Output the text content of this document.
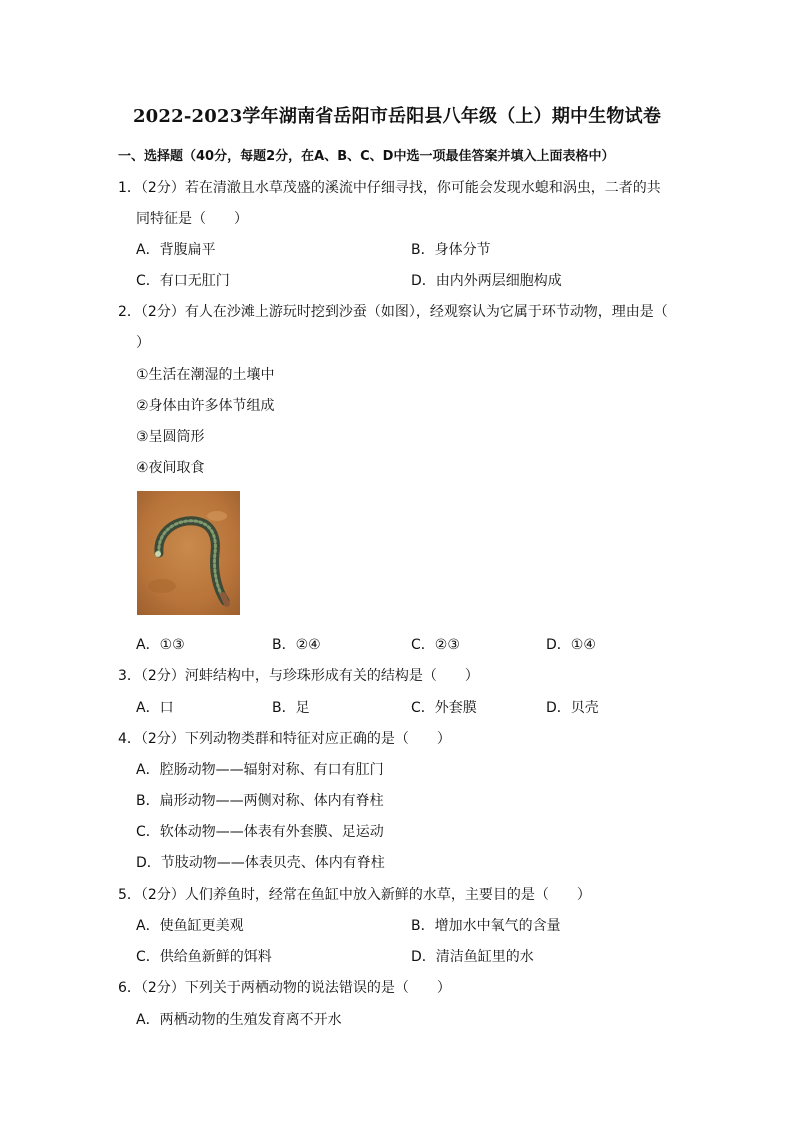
2022-2023学年湖南省岳阳市岳阳县八年级（上）期中生物试卷
一、选择题（40分，每题2分，在A、B、C、D中选一项最佳答案并填入上面表格中）
1．（2分）若在清澈且水草茂盛的溪流中仔细寻找，你可能会发现水螅和涡虫，二者的共
同特征是（　　）
A．背腹扁平	B．身体分节
C．有口无肛门	D．由内外两层细胞构成
2．（2分）有人在沙滩上游玩时挖到沙蚕（如图），经观察认为它属于环节动物，理由是（
）
①生活在潮湿的土壤中
②身体由许多体节组成
③呈圆筒形
④夜间取食
A．①③	B．②④	C．②③	D．①④
3．（2分）河蚌结构中，与珍珠形成有关的结构是（　　）
A．口	B．足	C．外套膜	D．贝壳
4．（2分）下列动物类群和特征对应正确的是（　　）
A．腔肠动物——辐射对称、有口有肛门
B．扁形动物——两侧对称、体内有脊柱
C．软体动物——体表有外套膜、足运动
D．节肢动物——体表贝壳、体内有脊柱
5．（2分）人们养鱼时，经常在鱼缸中放入新鲜的水草，主要目的是（　　）
A．使鱼缸更美观	B．增加水中氧气的含量
C．供给鱼新鲜的饵料	D．清洁鱼缸里的水
6．（2分）下列关于两栖动物的说法错误的是（　　）
A．两栖动物的生殖发育离不开水
